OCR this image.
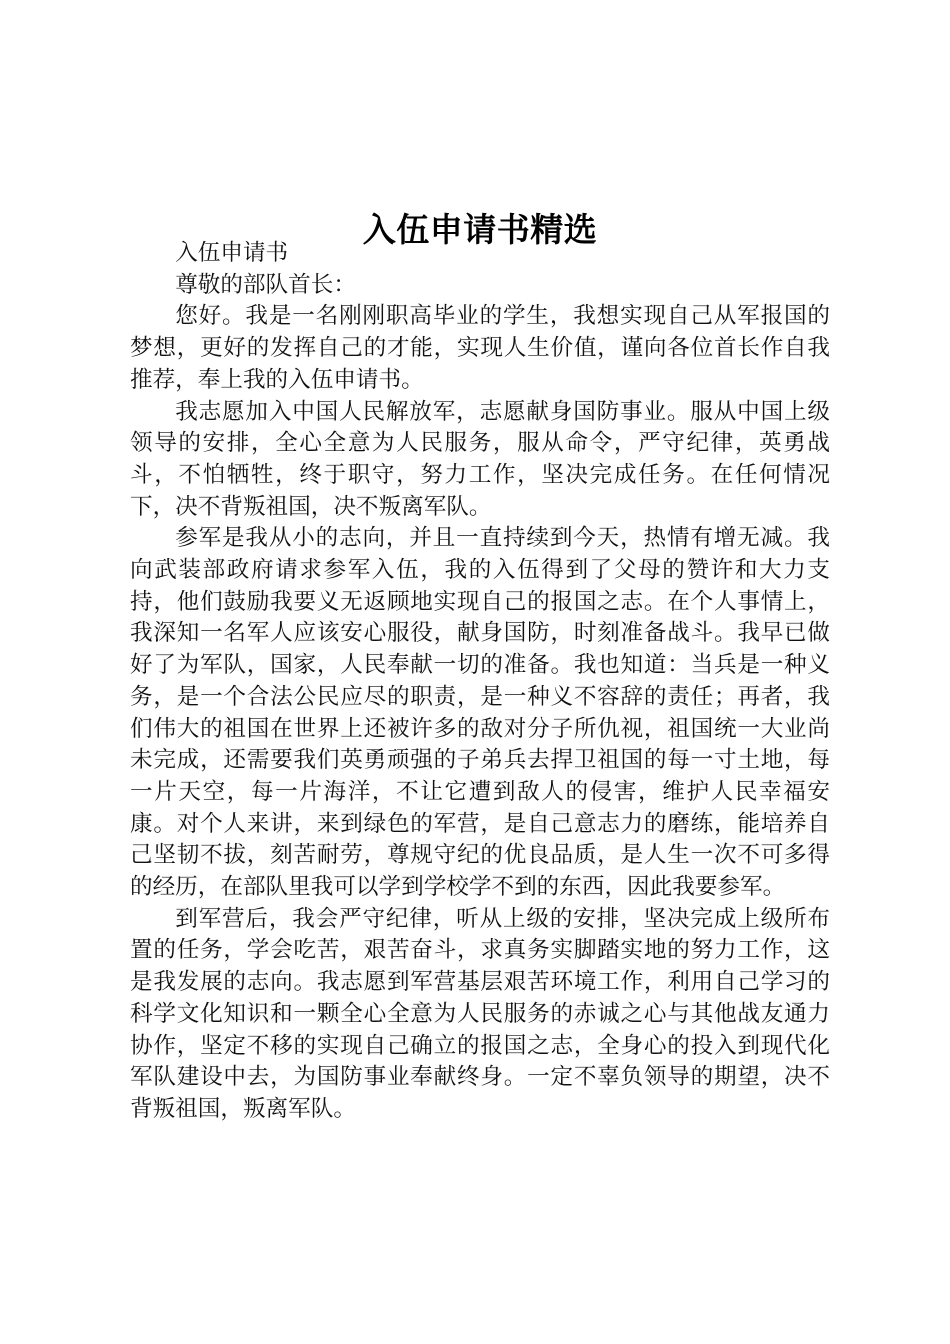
入伍申请书精选

入伍申请书

尊敬的部队首长：

您好。我是一名刚刚职高毕业的学生，我想实现自己从军报国的梦想，更好的发挥自己的才能，实现人生价值，谨向各位首长作自我推荐，奉上我的入伍申请书。

我志愿加入中国人民解放军，志愿献身国防事业。服从中国上级领导的安排，全心全意为人民服务，服从命令，严守纪律，英勇战斗，不怕牺牲，终于职守，努力工作，坚决完成任务。在任何情况下，决不背叛祖国，决不叛离军队。

参军是我从小的志向，并且一直持续到今天，热情有增无减。我向武装部政府请求参军入伍，我的入伍得到了父母的赞许和大力支持，他们鼓励我要义无返顾地实现自己的报国之志。在个人事情上，我深知一名军人应该安心服役，献身国防，时刻准备战斗。我早已做好了为军队，国家，人民奉献一切的准备。我也知道：当兵是一种义务，是一个合法公民应尽的职责，是一种义不容辞的责任；再者，我们伟大的祖国在世界上还被许多的敌对分子所仇视，祖国统一大业尚未完成，还需要我们英勇顽强的子弟兵去捍卫祖国的每一寸土地，每一片天空，每一片海洋，不让它遭到敌人的侵害，维护人民幸福安康。对个人来讲，来到绿色的军营，是自己意志力的磨练，能培养自己坚韧不拔，刻苦耐劳，尊规守纪的优良品质，是人生一次不可多得的经历，在部队里我可以学到学校学不到的东西，因此我要参军。

到军营后，我会严守纪律，听从上级的安排，坚决完成上级所布置的任务，学会吃苦，艰苦奋斗，求真务实脚踏实地的努力工作，这是我发展的志向。我志愿到军营基层艰苦环境工作，利用自己学习的科学文化知识和一颗全心全意为人民服务的赤诚之心与其他战友通力协作，坚定不移的实现自己确立的报国之志，全身心的投入到现代化军队建设中去，为国防事业奉献终身。一定不辜负领导的期望，决不背叛祖国，叛离军队。
